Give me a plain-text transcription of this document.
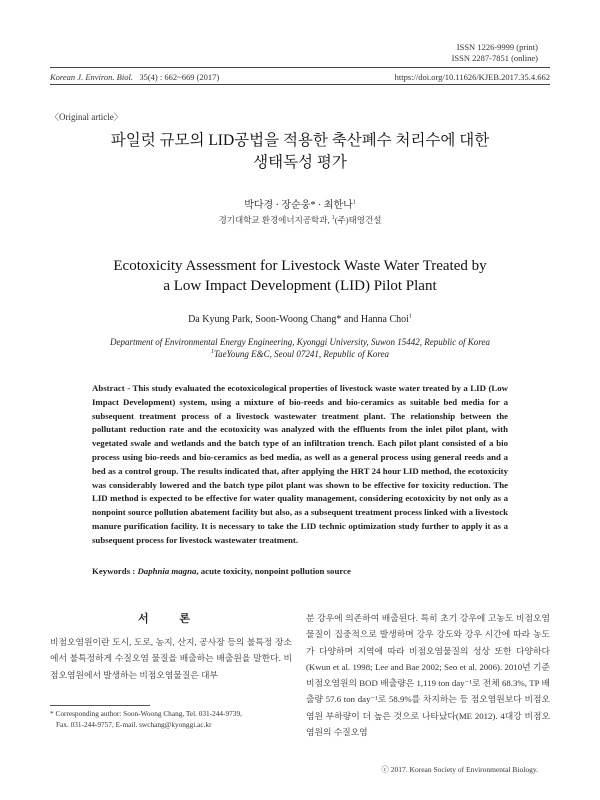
ISSN 1226-9999 (print)
ISSN 2287-7851 (online)
Korean J. Environ. Biol. 35(4) : 662~669 (2017)	https://doi.org/10.11626/KJEB.2017.35.4.662
〈Original article〉
파일럿 규모의 LID공법을 적용한 축산폐수 처리수에 대한
생태독성 평가
박다경 · 장순웅* · 최한나$^1$
경기대학교 환경에너지공학과, $^1$(주)태영건설
Ecotoxicity Assessment for Livestock Waste Water Treated by
a Low Impact Development (LID) Pilot Plant
Da Kyung Park, Soon-Woong Chang* and Hanna Choi$^1$
Department of Environmental Energy Engineering, Kyonggi University, Suwon 15442, Republic of Korea
$^1$TaeYoung E&C, Seoul 07241, Republic of Korea
Abstract - This study evaluated the ecotoxicological properties of livestock waste water treated by a LID (Low Impact Development) system, using a mixture of bio-reeds and bio-ceramics as suitable bed media for a subsequent treatment process of a livestock wastewater treatment plant. The relationship between the pollutant reduction rate and the ecotoxicity was analyzed with the effluents from the inlet pilot plant, with vegetated swale and wetlands and the batch type of an infiltration trench. Each pilot plant consisted of a bio process using bio-reeds and bio-ceramics as bed media, as well as a general process using general reeds and a bed as a control group. The results indicated that, after applying the HRT 24 hour LID method, the ecotoxicity was considerably lowered and the batch type pilot plant was shown to be effective for toxicity reduction. The LID method is expected to be effective for water quality management, considering ecotoxicity by not only as a nonpoint source pollution abatement facility but also, as a subsequent treatment process linked with a livestock manure purification facility. It is necessary to take the LID technic optimization study further to apply it as a subsequent process for livestock wastewater treatment.
Keywords : Daphnia magna, acute toxicity, nonpoint pollution source
서 론
비점오염원이란 도시, 도로, 농지, 산지, 공사장 등의 불특정 장소에서 불특정하게 수질오염 물질을 배출하는 배출원을 말한다. 비점오염원에서 발생하는 비점오염물질은 대부
분 강우에 의존하여 배출된다. 특히 초기 강우에 고농도 비점오염물질이 집중적으로 발생하며 강우 강도와 강우 시간에 따라 농도가 다양하며 지역에 따라 비점오염물질의 성상 또한 다양하다(Kwun et al. 1998; Lee and Bae 2002; Seo et al. 2006). 2010년 기준 비점오염원의 BOD 배출량은 1,119 ton day⁻¹로 전체 68.3%, TP 배출량 57.6 ton day⁻¹로 58.9%를 차지하는 등 점오염원보다 비점오염원 부하량이 더 높은 것으로 나타났다(ME 2012). 4대강 비점오염원의 수질오염
* Corresponding author: Soon-Woong Chang, Tel. 031-244-9739,
Fax. 031-244-9757, E-mail. swchang@kyonggi.ac.kr
ⓒ 2017. Korean Society of Environmental Biology.
